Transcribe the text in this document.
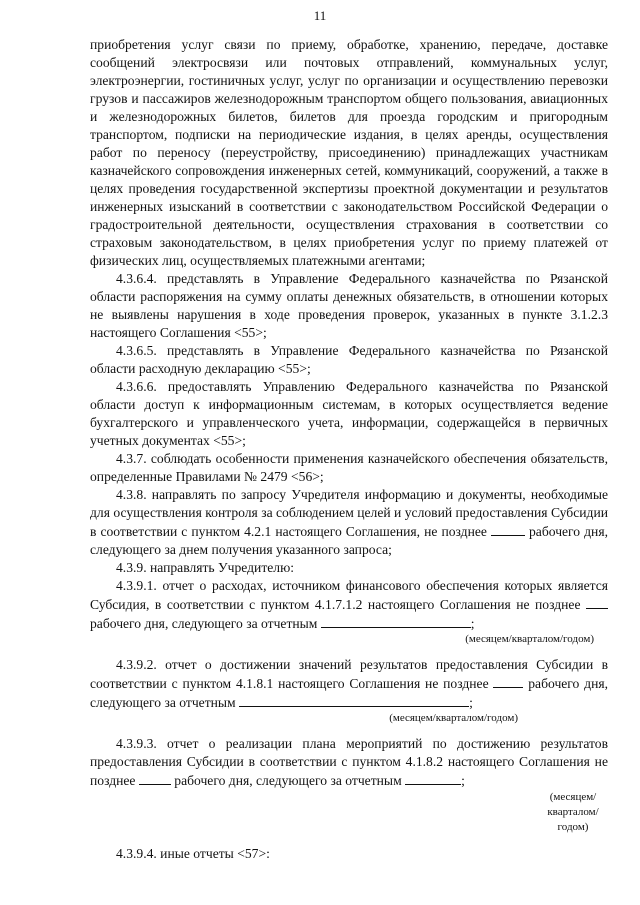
11

приобретения услуг связи по приему, обработке, хранению, передаче, доставке сообщений электросвязи или почтовых отправлений, коммунальных услуг, электроэнергии, гостиничных услуг, услуг по организации и осуществлению перевозки грузов и пассажиров железнодорожным транспортом общего пользования, авиационных и железнодорожных билетов, билетов для проезда городским и пригородным транспортом, подписки на периодические издания, в целях аренды, осуществления работ по переносу (переустройству, присоединению) принадлежащих участникам казначейского сопровождения инженерных сетей, коммуникаций, сооружений, а также в целях проведения государственной экспертизы проектной документации и результатов инженерных изысканий в соответствии с законодательством Российской Федерации о градостроительной деятельности, осуществления страхования в соответствии со страховым законодательством, в целях приобретения услуг по приему платежей от физических лиц, осуществляемых платежными агентами;

4.3.6.4. представлять в Управление Федерального казначейства по Рязанской области распоряжения на сумму оплаты денежных обязательств, в отношении которых не выявлены нарушения в ходе проведения проверок, указанных в пункте 3.1.2.3 настоящего Соглашения <55>;

4.3.6.5. представлять в Управление Федерального казначейства по Рязанской области расходную декларацию <55>;

4.3.6.6. предоставлять Управлению Федерального казначейства по Рязанской области доступ к информационным системам, в которых осуществляется ведение бухгалтерского и управленческого учета, информации, содержащейся в первичных учетных документах <55>;

4.3.7. соблюдать особенности применения казначейского обеспечения обязательств, определенные Правилами № 2479 <56>;

4.3.8. направлять по запросу Учредителя информацию и документы, необходимые для осуществления контроля за соблюдением целей и условий предоставления Субсидии в соответствии с пунктом 4.2.1 настоящего Соглашения, не позднее	рабочего дня, следующего за днем получения указанного запроса;

4.3.9. направлять Учредителю:

4.3.9.1. отчет о расходах, источником финансового обеспечения которых является Субсидия, в соответствии с пунктом 4.1.7.1.2 настоящего Соглашения не позднее  рабочего дня, следующего за отчетным	;

(месяцем/кварталом/годом)

4.3.9.2. отчет о достижении значений результатов предоставления Субсидии в соответствии с пунктом 4.1.8.1 настоящего Соглашения не позднее	рабочего дня, следующего за отчетным	;

(месяцем/кварталом/годом)

4.3.9.3. отчет о реализации плана мероприятий по достижению результатов предоставления Субсидии в соответствии с пунктом 4.1.8.2 настоящего Соглашения не позднее	рабочего дня, следующего за отчетным	;

(месяцем/
кварталом/
годом)

4.3.9.4. иные отчеты <57>:
